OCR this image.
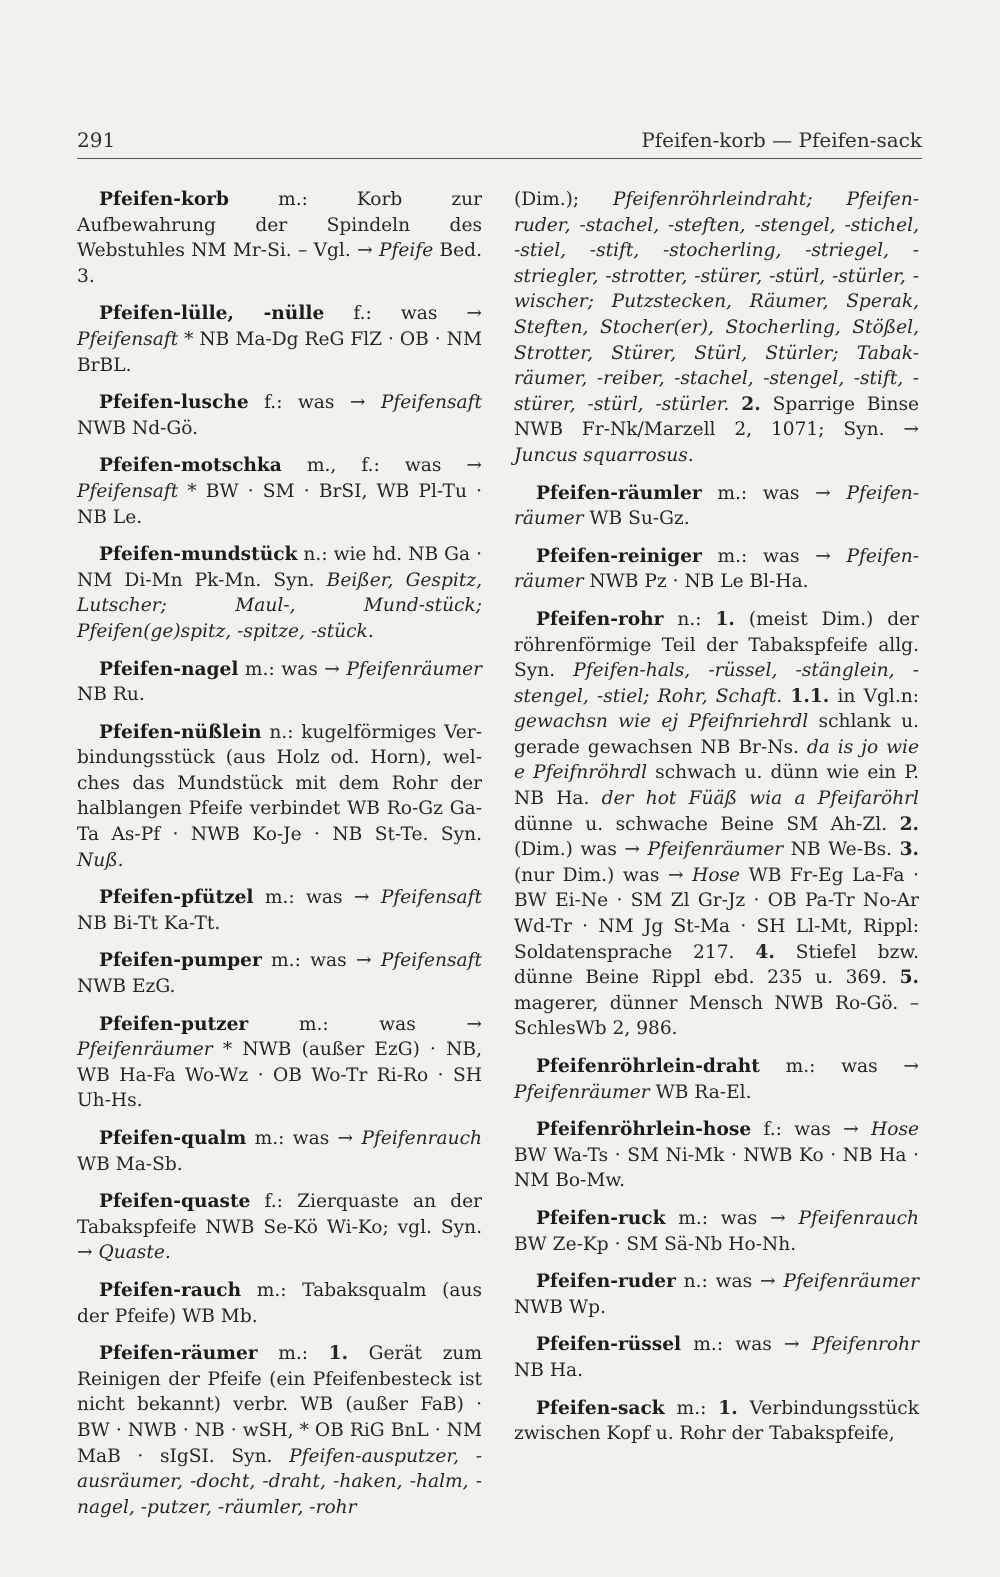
291	Pfeifen-korb — Pfeifen-sack

Pfeifen-korb m.: Korb zur Aufbewahrung der Spindeln des Webstuhles NM Mr-Si. – Vgl. → Pfeife Bed. 3.

Pfeifen-lülle, -nülle f.: was → Pfeifensaft * NB Ma-Dg ReG FlZ · OB · NM BrBL.

Pfeifen-lusche f.: was → Pfeifensaft NWB Nd-Gö.

Pfeifen-motschka m., f.: was → Pfeifensaft * BW · SM · BrSI, WB Pl-Tu · NB Le.

Pfeifen-mundstück n.: wie hd. NB Ga · NM Di-Mn Pk-Mn. Syn. Beißer, Gespitz, Lutscher; Maul-, Mund-stück; Pfeifen(ge)spitz, -spitze, -stück.

Pfeifen-nagel m.: was → Pfeifenräumer NB Ru.

Pfeifen-nüßlein n.: kugelförmiges Verbindungsstück (aus Holz od. Horn), welches das Mundstück mit dem Rohr der halblangen Pfeife verbindet WB Ro-Gz Ga-Ta As-Pf · NWB Ko-Je · NB St-Te. Syn. Nuß.

Pfeifen-pfützel m.: was → Pfeifensaft NB Bi-Tt Ka-Tt.

Pfeifen-pumper m.: was → Pfeifensaft NWB EzG.

Pfeifen-putzer m.: was → Pfeifenräumer * NWB (außer EzG) · NB, WB Ha-Fa Wo-Wz · OB Wo-Tr Ri-Ro · SH Uh-Hs.

Pfeifen-qualm m.: was → Pfeifenrauch WB Ma-Sb.

Pfeifen-quaste f.: Zierquaste an der Tabakspfeife NWB Se-Kö Wi-Ko; vgl. Syn. → Quaste.

Pfeifen-rauch m.: Tabaksqualm (aus der Pfeife) WB Mb.

Pfeifen-räumer m.: 1. Gerät zum Reinigen der Pfeife (ein Pfeifenbesteck ist nicht bekannt) verbr. WB (außer FaB) · BW · NWB · NB · wSH, * OB RiG BnL · NM MaB · sIgSI. Syn. Pfeifen-ausputzer, -ausräumer, -docht, -draht, -haken, -halm, -nagel, -putzer, -räumler, -rohr

(Dim.); Pfeifenröhrleindraht; Pfeifen-ruder, -stachel, -steften, -stengel, -stichel, -stiel, -stift, -stocherling, -striegel, -striegler, -strotter, -stürer, -stürl, -stürler, -wischer; Putzstecken, Räumer, Sperak, Steften, Stocher(er), Stocherling, Stößel, Strotter, Stürer, Stürl, Stürler; Tabak-räumer, -reiber, -stachel, -stengel, -stift, -stürer, -stürl, -stürler. 2. Sparrige Binse NWB Fr-Nk/Marzell 2, 1071; Syn. → Juncus squarrosus.

Pfeifen-räumler m.: was → Pfeifenräumer WB Su-Gz.

Pfeifen-reiniger m.: was → Pfeifenräumer NWB Pz · NB Le Bl-Ha.

Pfeifen-rohr n.: 1. (meist Dim.) der röhrenförmige Teil der Tabakspfeife allg. Syn. Pfeifen-hals, -rüssel, -stänglein, -stengel, -stiel; Rohr, Schaft. 1.1. in Vgl.n: gewachsn wie ej Pfeifnriehrdl schlank u. gerade gewachsen NB Br-Ns. da is jo wie e Pfeifnröhrdl schwach u. dünn wie ein P. NB Ha. der hot Füäß wia a Pfeifaröhrl dünne u. schwache Beine SM Ah-Zl. 2. (Dim.) was → Pfeifenräumer NB We-Bs. 3. (nur Dim.) was → Hose WB Fr-Eg La-Fa · BW Ei-Ne · SM Zl Gr-Jz · OB Pa-Tr No-Ar Wd-Tr · NM Jg St-Ma · SH Ll-Mt, Rippl: Soldatensprache 217. 4. Stiefel bzw. dünne Beine Rippl ebd. 235 u. 369. 5. magerer, dünner Mensch NWB Ro-Gö. – SchlesWb 2, 986.

Pfeifenröhrlein-draht m.: was → Pfeifenräumer WB Ra-El.

Pfeifenröhrlein-hose f.: was → Hose BW Wa-Ts · SM Ni-Mk · NWB Ko · NB Ha · NM Bo-Mw.

Pfeifen-ruck m.: was → Pfeifenrauch BW Ze-Kp · SM Sä-Nb Ho-Nh.

Pfeifen-ruder n.: was → Pfeifenräumer NWB Wp.

Pfeifen-rüssel m.: was → Pfeifenrohr NB Ha.

Pfeifen-sack m.: 1. Verbindungsstück zwischen Kopf u. Rohr der Tabakspfeife,
